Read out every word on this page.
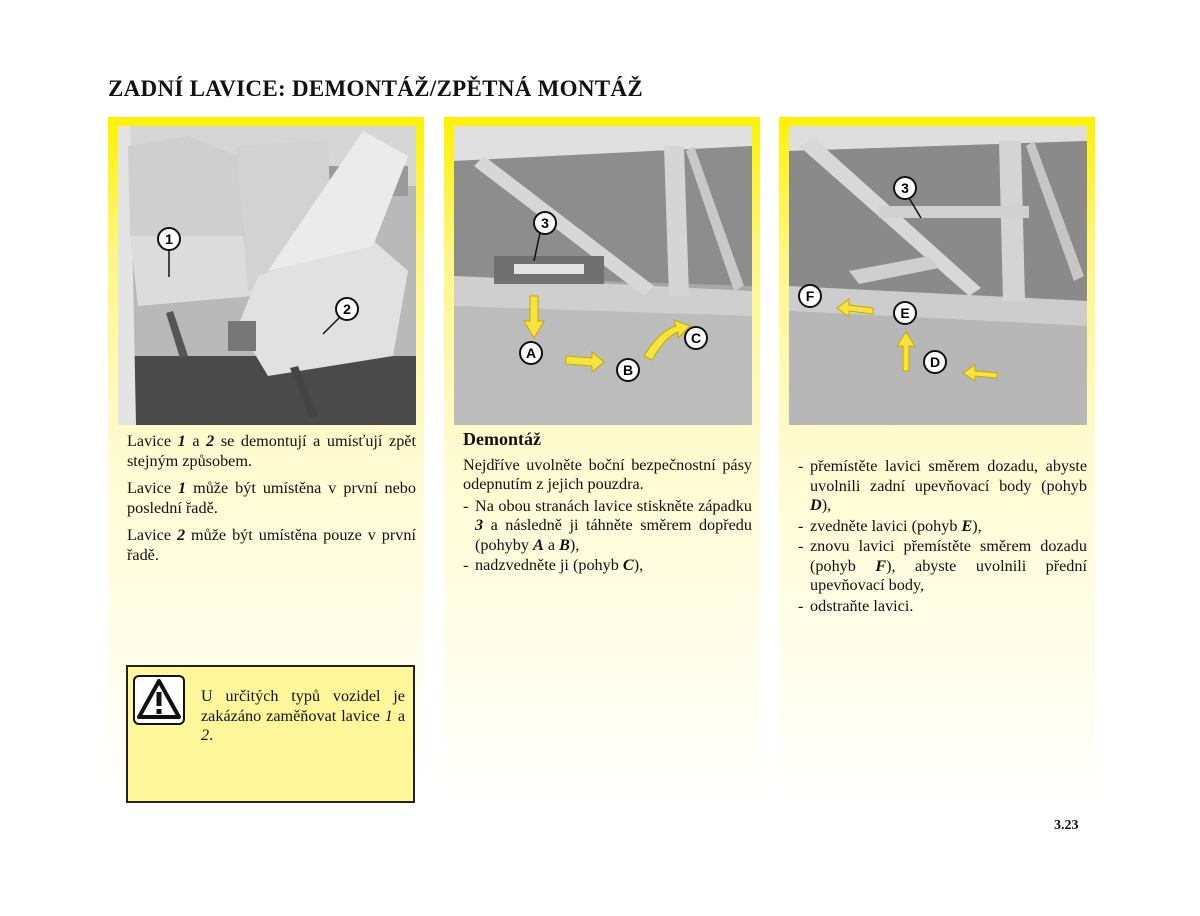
ZADNÍ LAVICE: DEMONTÁŽ/ZPĚTNÁ MONTÁŽ
1
2

Lavice 1 a 2 se demontují a umísťují zpět stejným způsobem.

Lavice 1 může být umístěna v první nebo poslední řadě.

Lavice 2 může být umístěna pouze v první řadě.

U určitých typů vozidel je zakázáno zaměňovat lavice 1 a 2.
3
A
B
C
Demontáž

Nejdříve uvolněte boční bezpečnostní pásy odepnutím z jejich pouzdra.

- Na obou stranách lavice stiskněte západku 3 a následně ji táhněte směrem dopředu (pohyby A a B),
- nadzvedněte ji (pohyb C),
3
F
E
D
- přemístěte lavici směrem dozadu, abyste uvolnili zadní upevňovací body (pohyb D),
- zvedněte lavici (pohyb E),
- znovu lavici přemístěte směrem dozadu (pohyb F), abyste uvolnili přední upevňovací body,
- odstraňte lavici.
3.23
